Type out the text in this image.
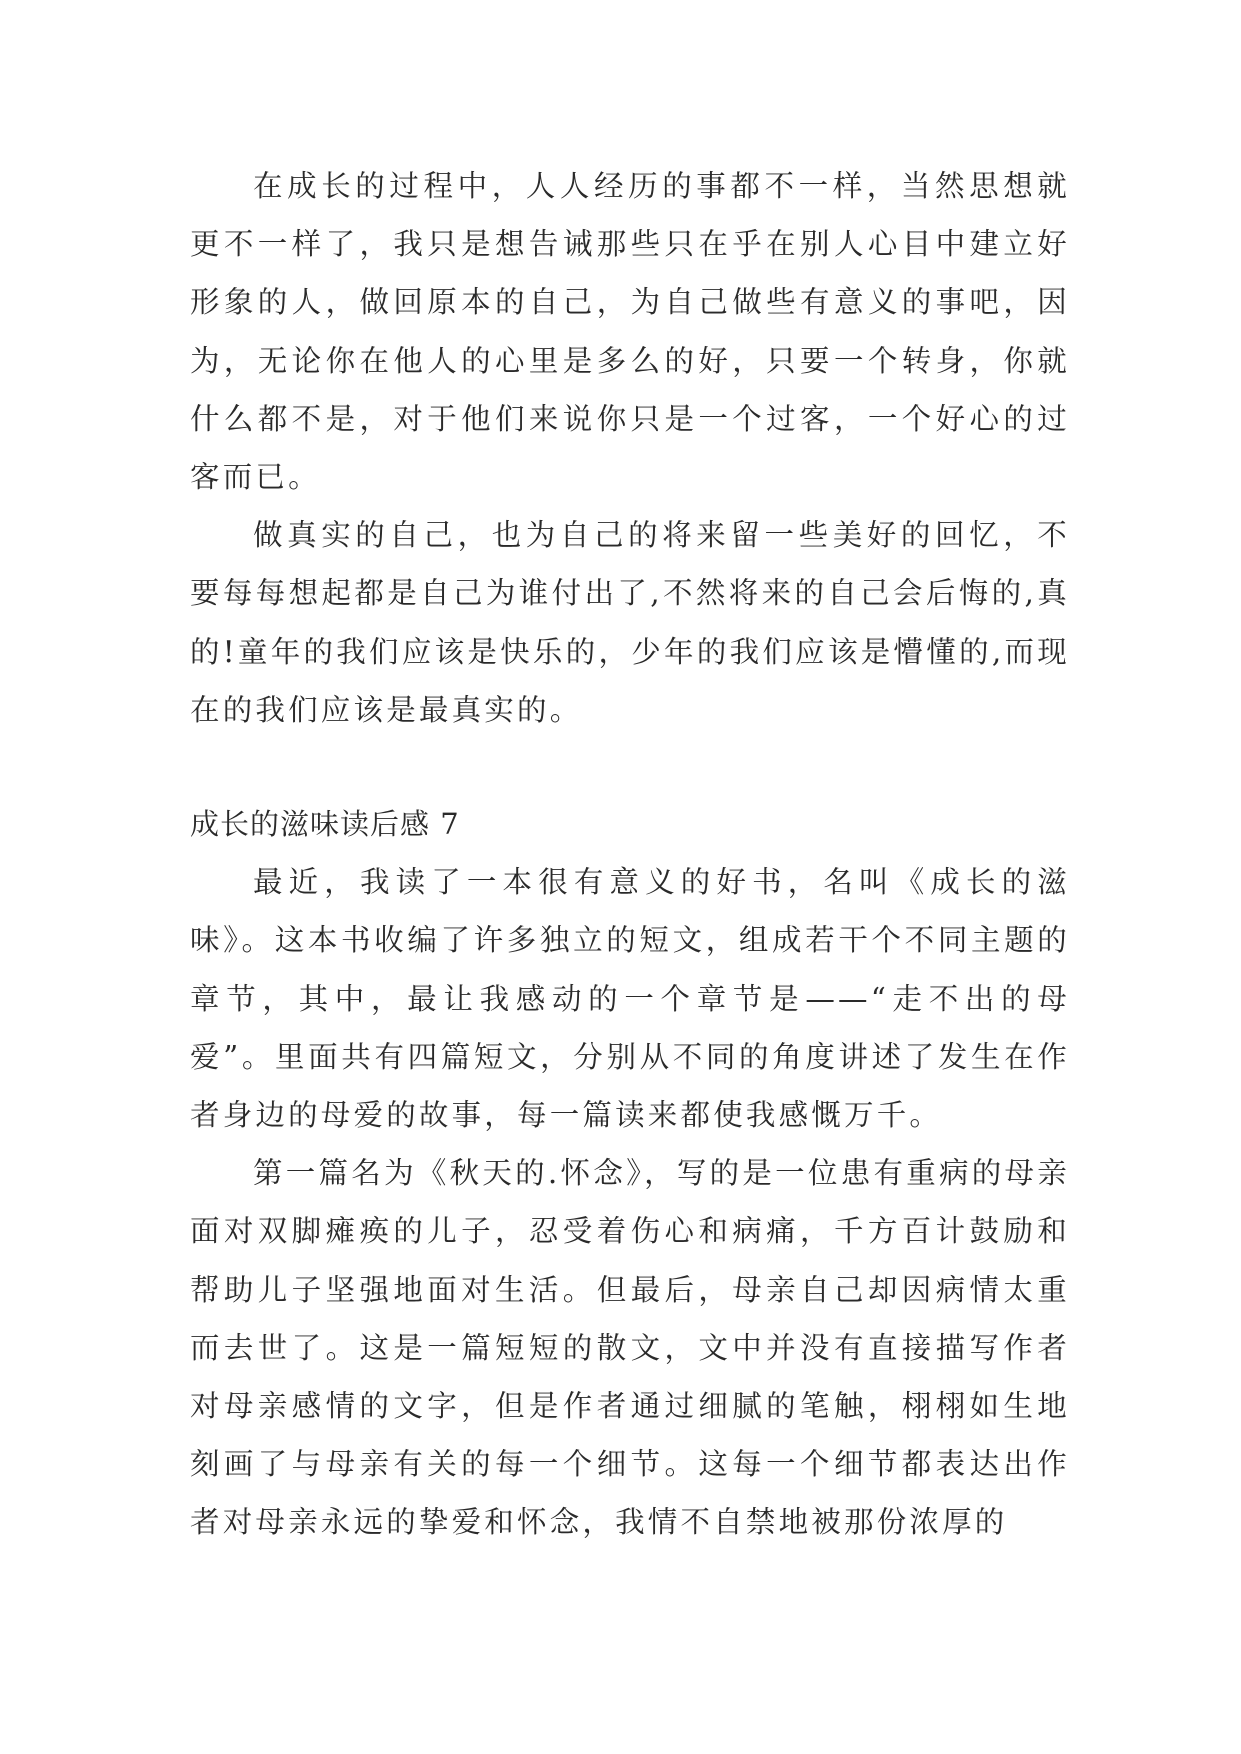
在成长的过程中，人人经历的事都不一样，当然思想就更不一样了，我只是想告诫那些只在乎在别人心目中建立好形象的人，做回原本的自己，为自己做些有意义的事吧，因为，无论你在他人的心里是多么的好，只要一个转身，你就什么都不是，对于他们来说你只是一个过客，一个好心的过客而已。

做真实的自己，也为自己的将来留一些美好的回忆，不要每每想起都是自己为谁付出了,不然将来的自己会后悔的,真的!童年的我们应该是快乐的，少年的我们应该是懵懂的,而现在的我们应该是最真实的。

成长的滋味读后感 7

最近，我读了一本很有意义的好书，名叫《成长的滋味》。这本书收编了许多独立的短文，组成若干个不同主题的章节，其中，最让我感动的一个章节是——“走不出的母爱”。里面共有四篇短文，分别从不同的角度讲述了发生在作者身边的母爱的故事，每一篇读来都使我感慨万千。

第一篇名为《秋天的.怀念》，写的是一位患有重病的母亲面对双脚瘫痪的儿子，忍受着伤心和病痛，千方百计鼓励和帮助儿子坚强地面对生活。但最后，母亲自己却因病情太重而去世了。这是一篇短短的散文，文中并没有直接描写作者对母亲感情的文字，但是作者通过细腻的笔触，栩栩如生地刻画了与母亲有关的每一个细节。这每一个细节都表达出作者对母亲永远的挚爱和怀念，我情不自禁地被那份浓厚的
